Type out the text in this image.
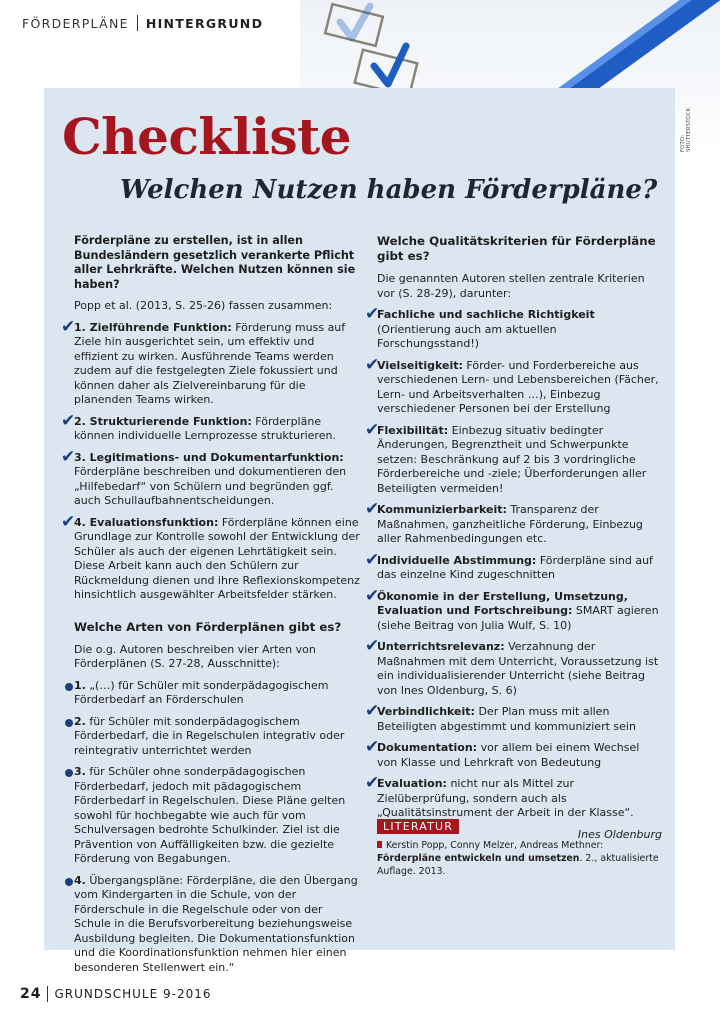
FÖRDERPLÄNE HINTERGRUND
FOTO: SHUTTERSTOCK
Checkliste
Welchen Nutzen haben Förderpläne?
Förderpläne zu erstellen, ist in allen Bundesländern gesetzlich verankerte Pflicht aller Lehrkräfte. Welchen Nutzen können sie haben?
Popp et al. (2013, S. 25-26) fassen zusammen:
✔
1. Zielführende Funktion: Förderung muss auf Ziele hin ausgerichtet sein, um effektiv und effizient zu wirken. Ausführende Teams werden zudem auf die festgelegten Ziele fokussiert und können daher als Zielvereinbarung für die planenden Teams wirken.
✔
2. Strukturierende Funktion: Förderpläne können individuelle Lernprozesse strukturieren.
✔
3. Legitimations- und Dokumentarfunktion: Förderpläne beschreiben und dokumentieren den „Hilfebedarf“ von Schülern und begründen ggf. auch Schullaufbahnentscheidungen.
✔
4. Evaluationsfunktion: Förderpläne können eine Grundlage zur Kontrolle sowohl der Entwicklung der Schüler als auch der eigenen Lehrtätigkeit sein. Diese Arbeit kann auch den Schülern zur Rückmeldung dienen und ihre Reflexionskompetenz hinsichtlich ausgewählter Arbeitsfelder stärken.
Welche Arten von Förderplänen gibt es?
Die o.g. Autoren beschreiben vier Arten von Förderplänen (S. 27-28, Ausschnitte):
1. „(…) für Schüler mit sonderpädagogischem Förderbedarf an Förderschulen
2. für Schüler mit sonderpädagogischem Förderbedarf, die in Regelschulen integrativ oder reintegrativ unterrichtet werden
3. für Schüler ohne sonderpädagogischen Förderbedarf, jedoch mit pädagogischem Förderbedarf in Regelschulen. Diese Pläne gelten sowohl für hochbegabte wie auch für vom Schulversagen bedrohte Schulkinder. Ziel ist die Prävention von Auffälligkeiten bzw. die gezielte Förderung von Begabungen.
4. Übergangspläne: Förderpläne, die den Übergang vom Kindergarten in die Schule, von der Förderschule in die Regelschule oder von der Schule in die Berufsvorbereitung beziehungsweise Ausbildung begleiten. Die Dokumentationsfunktion und die Koordinationsfunktion nehmen hier einen besonderen Stellenwert ein.“
Welche Qualitätskriterien für Förderpläne gibt es?
Die genannten Autoren stellen zentrale Kriterien vor (S. 28-29), darunter:
✔
Fachliche und sachliche Richtigkeit (Orientierung auch am aktuellen Forschungsstand!)
✔
Vielseitigkeit: Förder- und Forderbereiche aus verschiedenen Lern- und Lebensbereichen (Fächer, Lern- und Arbeitsverhalten …), Einbezug verschiedener Personen bei der Erstellung
✔
Flexibilität: Einbezug situativ bedingter Änderungen, Begrenztheit und Schwerpunkte setzen: Beschränkung auf 2 bis 3 vordringliche Förderbereiche und -ziele; Überforderungen aller Beteiligten vermeiden!
✔
Kommunizierbarkeit: Transparenz der Maßnahmen, ganzheitliche Förderung, Einbezug aller Rahmenbedingungen etc.
✔
Individuelle Abstimmung: Förderpläne sind auf das einzelne Kind zugeschnitten
✔
Ökonomie in der Erstellung, Umsetzung, Evaluation und Fortschreibung: SMART agieren (siehe Beitrag von Julia Wulf, S. 10)
✔
Unterrichtsrelevanz: Verzahnung der Maßnahmen mit dem Unterricht, Voraussetzung ist ein individualisierender Unterricht (siehe Beitrag von Ines Oldenburg, S. 6)
✔
Verbindlichkeit: Der Plan muss mit allen Beteiligten abgestimmt und kommuniziert sein
✔
Dokumentation: vor allem bei einem Wechsel von Klasse und Lehrkraft von Bedeutung
✔
Evaluation: nicht nur als Mittel zur Zielüberprüfung, sondern auch als „Qualitätsinstrument der Arbeit in der Klasse“.
Ines Oldenburg
LITERATUR
Kerstin Popp, Conny Melzer, Andreas Methner: Förderpläne entwickeln und umsetzen. 2., aktualisierte Auflage. 2013.
24 GRUNDSCHULE 9-2016
